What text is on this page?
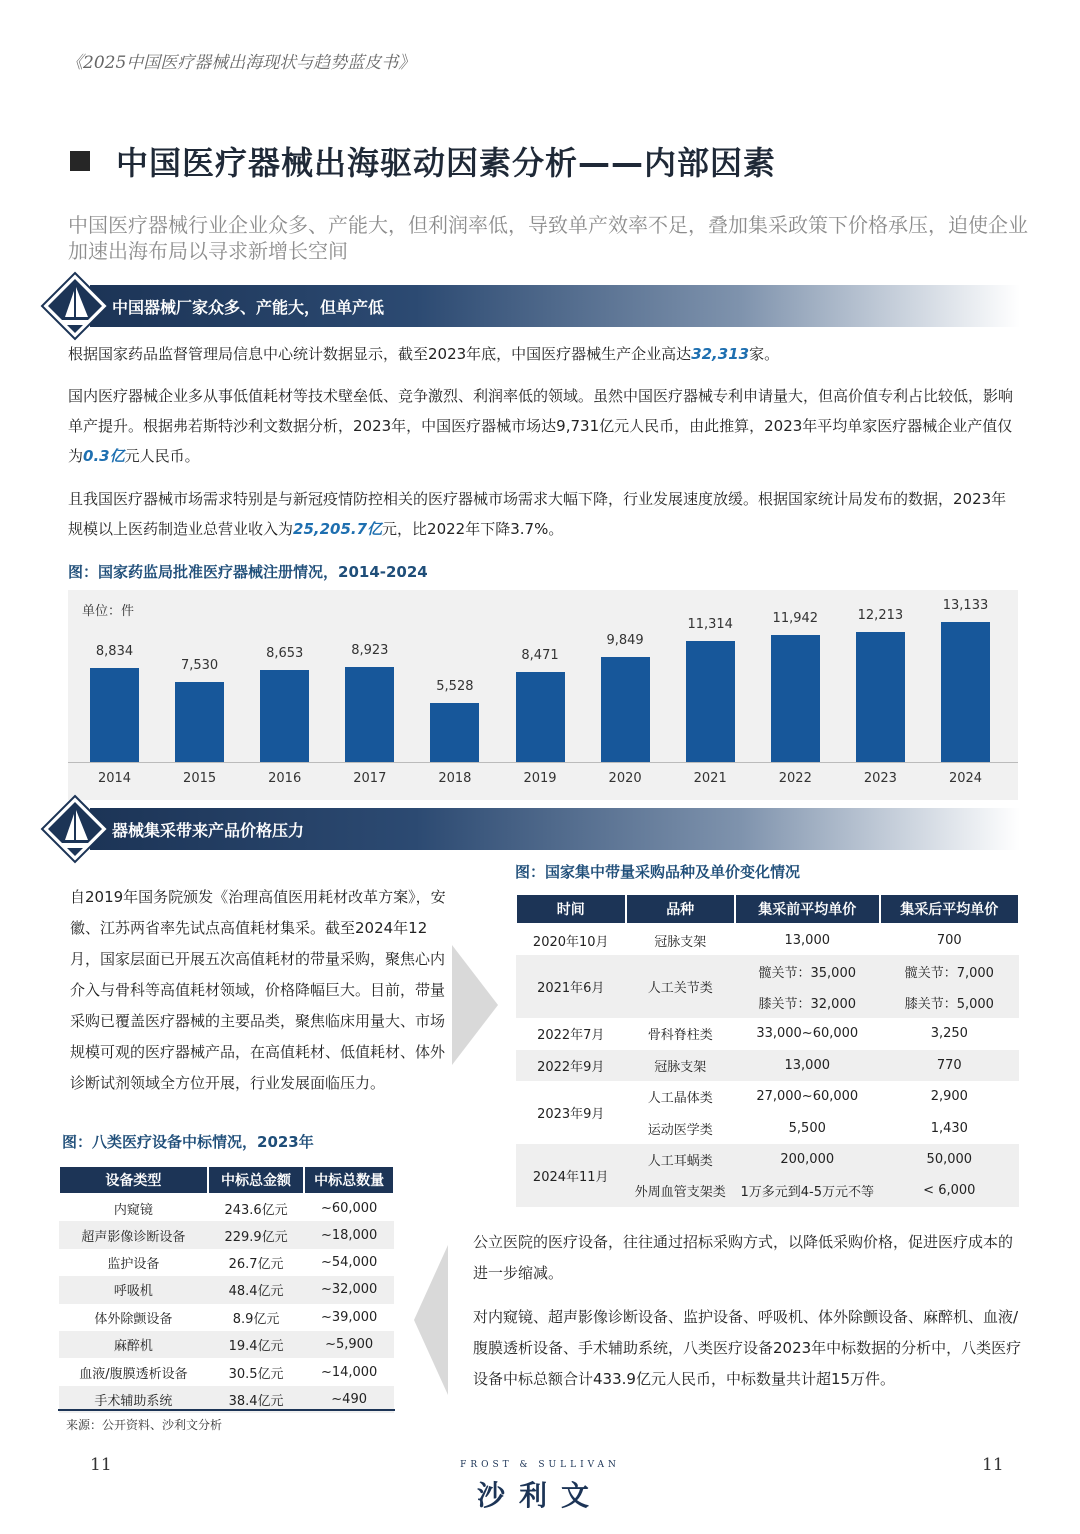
《2025中国医疗器械出海现状与趋势蓝皮书》
中国医疗器械出海驱动因素分析——内部因素
中国医疗器械行业企业众多、产能大，但利润率低，导致单产效率不足，叠加集采政策下价格承压，迫使企业加速出海布局以寻求新增长空间
中国器械厂家众多、产能大，但单产低
根据国家药品监督管理局信息中心统计数据显示，截至2023年底，中国医疗器械生产企业高达32,313家。
国内医疗器械企业多从事低值耗材等技术壁垒低、竞争激烈、利润率低的领域。虽然中国医疗器械专利申请量大，但高价值专利占比较低，影响单产提升。根据弗若斯特沙利文数据分析，2023年，中国医疗器械市场达9,731亿元人民币，由此推算，2023年平均单家医疗器械企业产值仅为0.3亿元人民币。
且我国医疗器械市场需求特别是与新冠疫情防控相关的医疗器械市场需求大幅下降，行业发展速度放缓。根据国家统计局发布的数据，2023年规模以上医药制造业总营业收入为25,205.7亿元，比2022年下降3.7%。
图：国家药监局批准医疗器械注册情况，2014-2024
单位：件
8,834
2014
7,530
2015
8,653
2016
8,923
2017
5,528
2018
8,471
2019
9,849
2020
11,314
2021
11,942
2022
12,213
2023
13,133
2024
器械集采带来产品价格压力
自2019年国务院颁发《治理高值医用耗材改革方案》，安徽、江苏两省率先试点高值耗材集采。截至2024年12月，国家层面已开展五次高值耗材的带量采购，聚焦心内介入与骨科等高值耗材领域，价格降幅巨大。目前，带量采购已覆盖医疗器械的主要品类，聚焦临床用量大、市场规模可观的医疗器械产品，在高值耗材、低值耗材、体外诊断试剂领域全方位开展，行业发展面临压力。
图：国家集中带量采购品种及单价变化情况
时间	品种	集采前平均单价	集采后平均单价
2020年10月	冠脉支架	13,000	700
2021年6月	人工关节类	髋关节：35,000	髋关节：7,000
		膝关节：32,000	膝关节：5,000
2022年7月	骨科脊柱类	33,000~60,000	3,250
2022年9月	冠脉支架	13,000	770
2023年9月	人工晶体类	27,000~60,000	2,900
	运动医学类	5,500	1,430
2024年11月	人工耳蜗类	200,000	50,000
	外周血管支架类	1万多元到4-5万元不等	< 6,000
图：八类医疗设备中标情况，2023年
设备类型	中标总金额	中标总数量
内窥镜	243.6亿元	~60,000
超声影像诊断设备	229.9亿元	~18,000
监护设备	26.7亿元	~54,000
呼吸机	48.4亿元	~32,000
体外除颤设备	8.9亿元	~39,000
麻醉机	19.4亿元	~5,900
血液/腹膜透析设备	30.5亿元	~14,000
手术辅助系统	38.4亿元	~490
公立医院的医疗设备，往往通过招标采购方式，以降低采购价格，促进医疗成本的进一步缩减。
对内窥镜、超声影像诊断设备、监护设备、呼吸机、体外除颤设备、麻醉机、血液/腹膜透析设备、手术辅助系统，八类医疗设备2023年中标数据的分析中，八类医疗设备中标总额合计433.9亿元人民币，中标数量共计超15万件。
来源：公开资料、沙利文分析
11	11
FROST & SULLIVAN
沙利文
